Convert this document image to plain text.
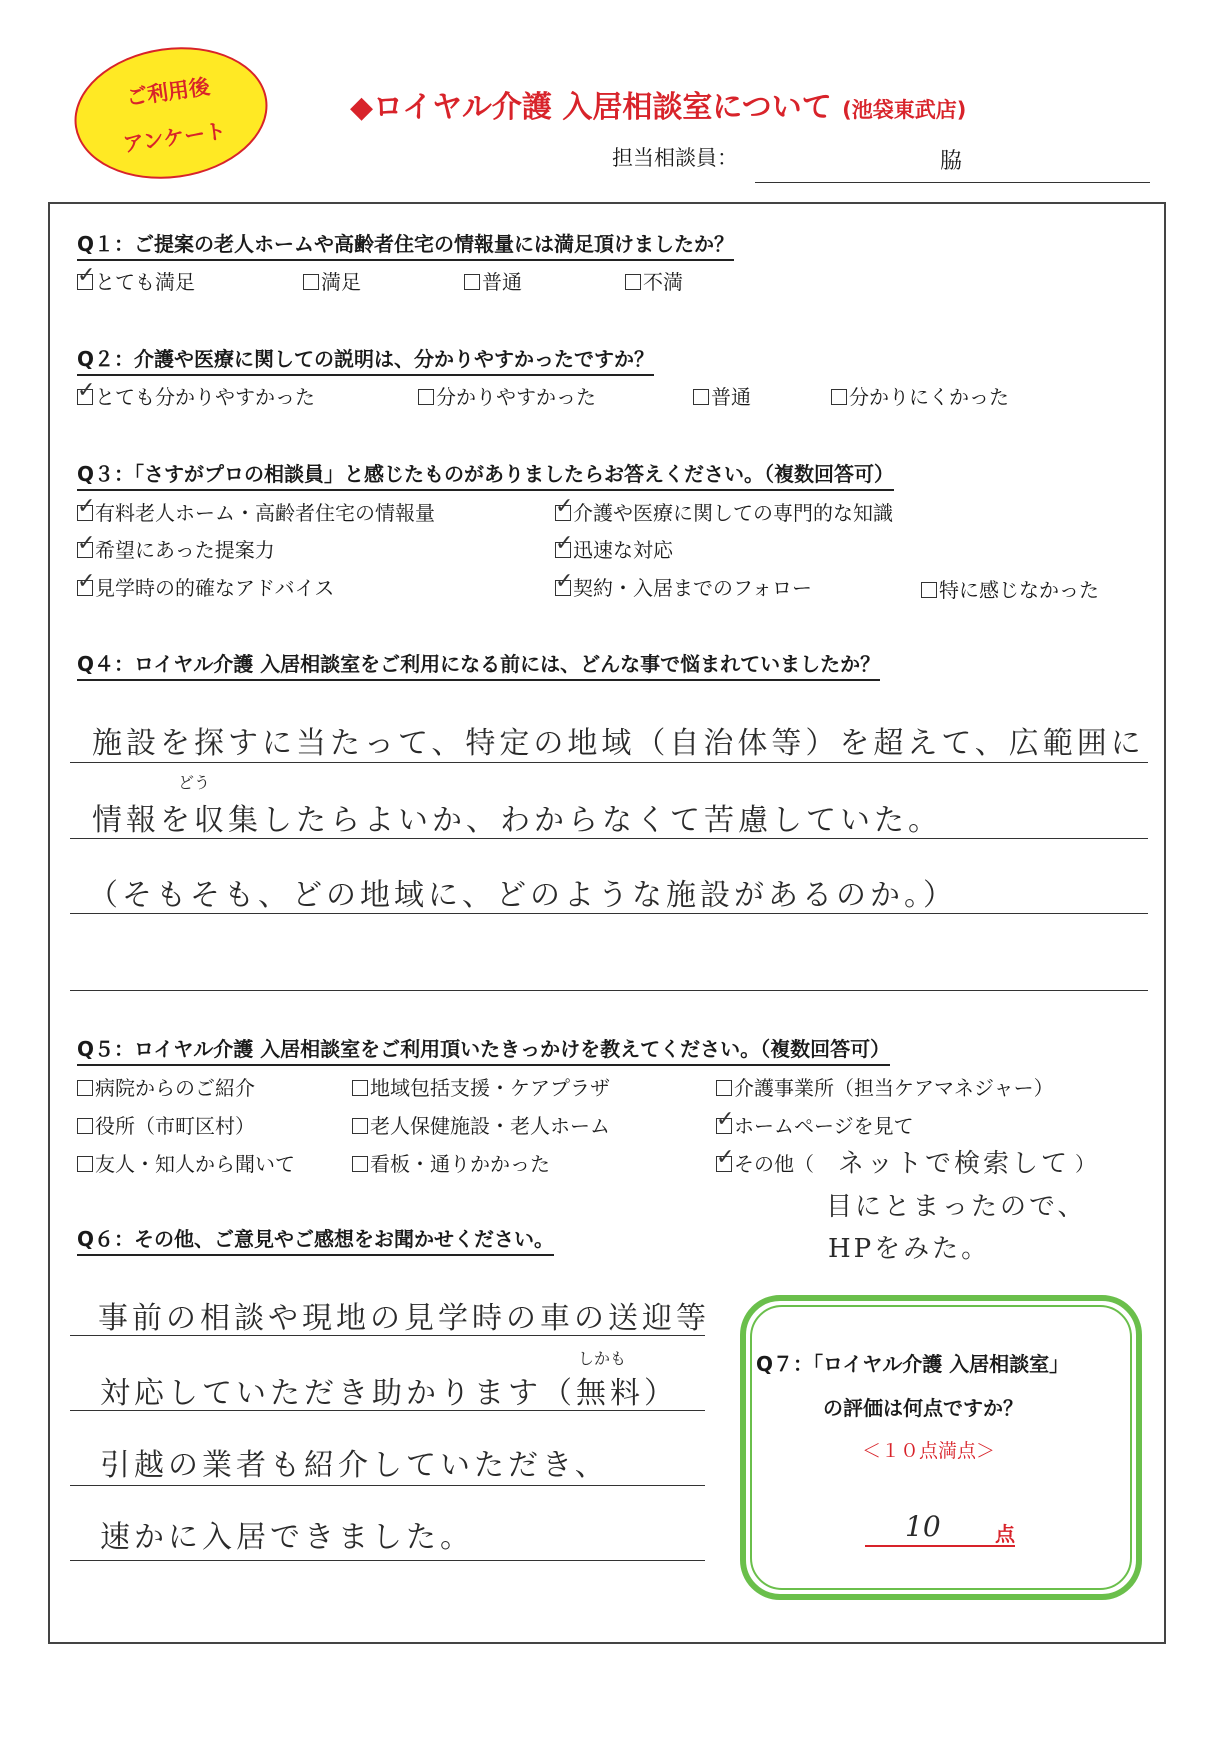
ご利用後
アンケート
◆ロイヤル介護 入居相談室について (池袋東武店)
担当相談員：	脇
Q１：ご提案の老人ホームや高齢者住宅の情報量には満足頂けましたか？
✓とても満足	満足	普通	不満
Q２：介護や医療に関しての説明は、分かりやすかったですか？
✓とても分かりやすかった	分かりやすかった	普通	分かりにくかった
Q３：「さすがプロの相談員」と感じたものがありましたらお答えください。（複数回答可）
✓有料老人ホーム・高齢者住宅の情報量 ✓	介護や医療に関しての専門的な知識
✓希望にあった提案力 ✓	迅速な対応
✓見学時の的確なアドバイス ✓	契約・入居までのフォロー	特に感じなかった
Q４：ロイヤル介護 入居相談室をご利用になる前には、どんな事で悩まれていましたか？
施設を探すに当たって、特定の地域（自治体等）を超えて、広範囲に
どう
情報を収集したらよいか、わからなくて苦慮していた。
（そもそも、どの地域に、どのような施設があるのか。）
Q５：ロイヤル介護 入居相談室をご利用頂いたきっかけを教えてください。（複数回答可）
病院からのご紹介	地域包括支援・ケアプラザ	介護事業所（担当ケアマネジャー）
役所（市町区村）	老人保健施設・老人ホーム ✓	ホームページを見て
友人・知人から聞いて	看板・通りかかった ✓	その他（ ネットで検索して ）
目にとまったので、
HPをみた。
Q６：その他、ご意見やご感想をお聞かせください。
事前の相談や現地の見学時の車の送迎等
しかも
対応していただき助かります（無料）
引越の業者も紹介していただき、
速かに入居できました。
Q７：「ロイヤル介護 入居相談室」
の評価は何点ですか？
＜１０点満点＞
10	点
